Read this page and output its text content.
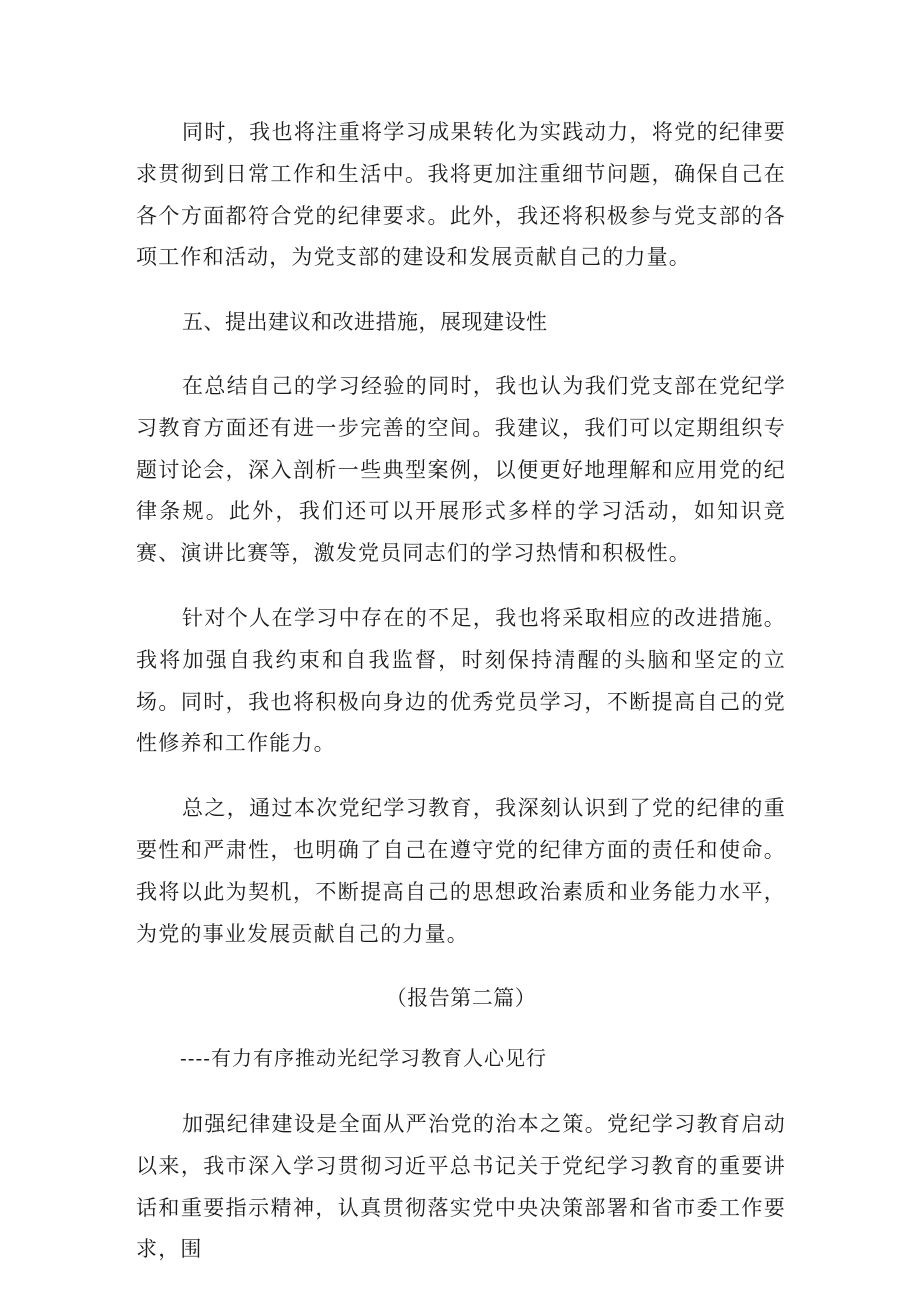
同时，我也将注重将学习成果转化为实践动力，将党的纪律要求贯彻到日常工作和生活中。我将更加注重细节问题，确保自己在各个方面都符合党的纪律要求。此外，我还将积极参与党支部的各项工作和活动，为党支部的建设和发展贡献自己的力量。

五、提出建议和改进措施，展现建设性

在总结自己的学习经验的同时，我也认为我们党支部在党纪学习教育方面还有进一步完善的空间。我建议，我们可以定期组织专题讨论会，深入剖析一些典型案例，以便更好地理解和应用党的纪律条规。此外，我们还可以开展形式多样的学习活动，如知识竞赛、演讲比赛等，激发党员同志们的学习热情和积极性。

针对个人在学习中存在的不足，我也将采取相应的改进措施。我将加强自我约束和自我监督，时刻保持清醒的头脑和坚定的立场。同时，我也将积极向身边的优秀党员学习，不断提高自己的党性修养和工作能力。

总之，通过本次党纪学习教育，我深刻认识到了党的纪律的重要性和严肃性，也明确了自己在遵守党的纪律方面的责任和使命。我将以此为契机，不断提高自己的思想政治素质和业务能力水平，为党的事业发展贡献自己的力量。

（报告第二篇）

----有力有序推动光纪学习教育人心见行

加强纪律建设是全面从严治党的治本之策。党纪学习教育启动以来，我市深入学习贯彻习近平总书记关于党纪学习教育的重要讲话和重要指示精神，认真贯彻落实党中央决策部署和省市委工作要求，围
